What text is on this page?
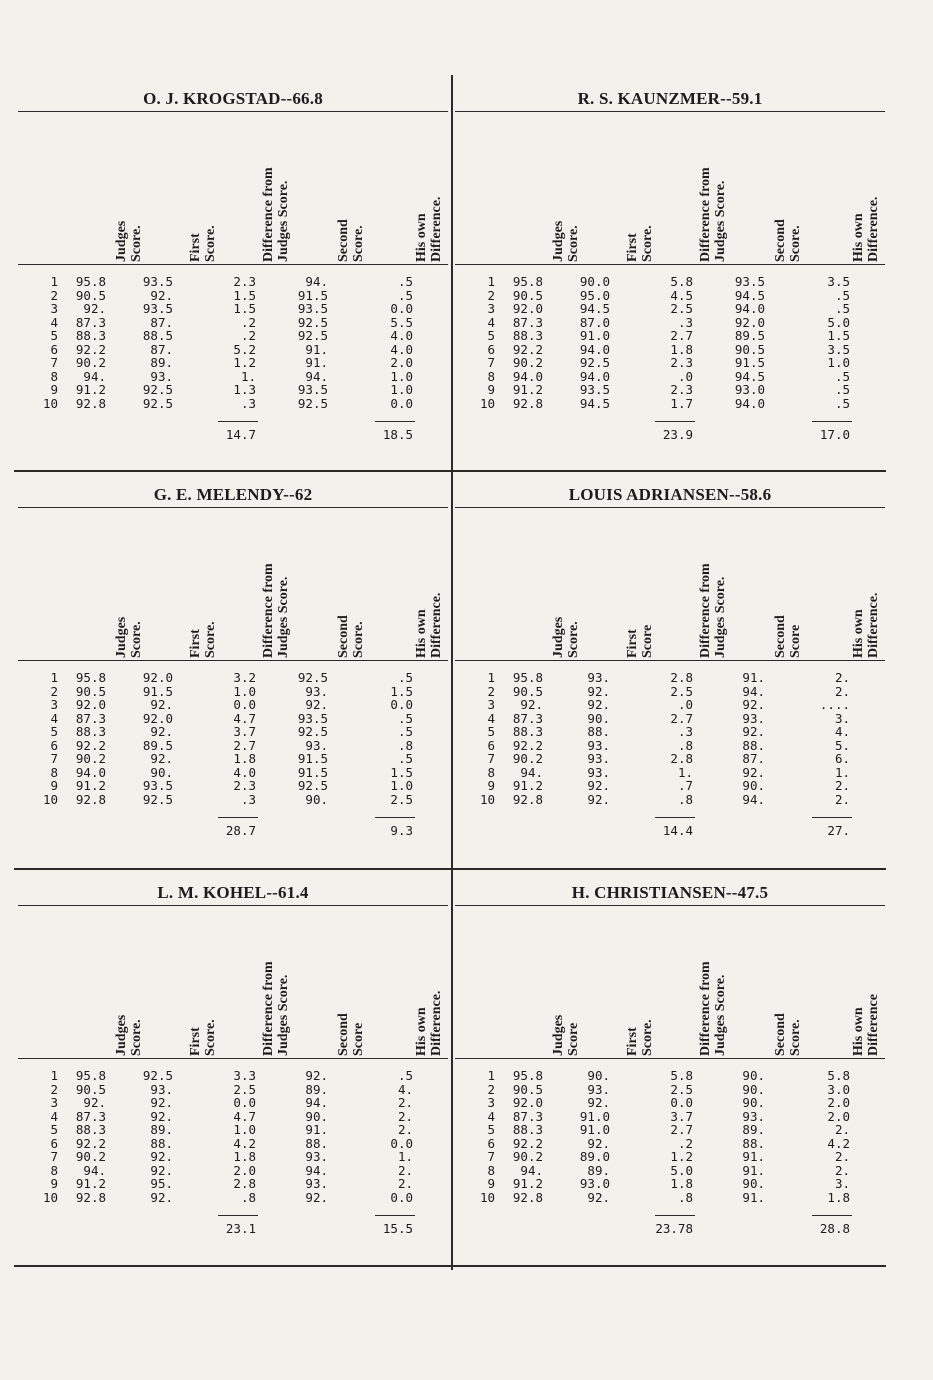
O. J. KROGSTAD--66.8
Judges Score.	First Score.	Difference from Judges Score.	Second Score.	His own Difference.
1 95.8	93.5	2.3	94.	.5
2 90.5	92.	1.5	91.5	.5
3 92.	93.5	1.5	93.5	0.0
4 87.3	87.	.2	92.5	5.5
5 88.3	88.5	.2	92.5	4.0
6 92.2	87.	5.2	91.	4.0
7 90.2	89.	1.2	91.	2.0
8 94.	93.	1.	94.	1.0
9 91.2	92.5	1.3	93.5	1.0
10 92.8	92.5	.3	92.5	0.0
14.7	18.5
R. S. KAUNZMER--59.1
Judges Score.	First Score.	Difference from Judges Score.	Second Score.	His own Difference.
1 95.8	90.0	5.8	93.5	3.5
2 90.5	95.0	4.5	94.5	.5
3 92.0	94.5	2.5	94.0	.5
4 87.3	87.0	.3	92.0	5.0
5 88.3	91.0	2.7	89.5	1.5
6 92.2	94.0	1.8	90.5	3.5
7 90.2	92.5	2.3	91.5	1.0
8 94.0	94.0	.0	94.5	.5
9 91.2	93.5	2.3	93.0	.5
10 92.8	94.5	1.7	94.0	.5
23.9	17.0
G. E. MELENDY--62
Judges Score.	First Score.	Difference from Judges Score.	Second Score.	His own Difference.
1 95.8	92.0	3.2	92.5	.5
2 90.5	91.5	1.0	93.	1.5
3 92.0	92.	0.0	92.	0.0
4 87.3	92.0	4.7	93.5	.5
5 88.3	92.	3.7	92.5	.5
6 92.2	89.5	2.7	93.	.8
7 90.2	92.	1.8	91.5	.5
8 94.0	90.	4.0	91.5	1.5
9 91.2	93.5	2.3	92.5	1.0
10 92.8	92.5	.3	90.	2.5
28.7	9.3
LOUIS ADRIANSEN--58.6
Judges Score.	First Score	Difference from Judges Score.	Second Score	His own Difference.
1 95.8	93.	2.8	91.	2.
2 90.5	92.	2.5	94.	2.
3 92.	92.	.0	92.	....
4 87.3	90.	2.7	93.	3.
5 88.3	88.	.3	92.	4.
6 92.2	93.	.8	88.	5.
7 90.2	93.	2.8	87.	6.
8 94.	93.	1.	92.	1.
9 91.2	92.	.7	90.	2.
10 92.8	92.	.8	94.	2.
14.4	27.
L. M. KOHEL--61.4
Judges Score.	First Score.	Difference from Judges Score.	Second Score	His own Difference.
1 95.8	92.5	3.3	92.	.5
2 90.5	93.	2.5	89.	4.
3 92.	92.	0.0	94.	2.
4 87.3	92.	4.7	90.	2.
5 88.3	89.	1.0	91.	2.
6 92.2	88.	4.2	88.	0.0
7 90.2	92.	1.8	93.	1.
8 94.	92.	2.0	94.	2.
9 91.2	95.	2.8	93.	2.
10 92.8	92.	.8	92.	0.0
23.1	15.5
H. CHRISTIANSEN--47.5
Judges Score	First Score.	Difference from Judges Score.	Second Score.	His own Difference
1 95.8	90.	5.8	90.	5.8
2 90.5	93.	2.5	90.	3.0
3 92.0	92.	0.0	90.	2.0
4 87.3	91.0	3.7	93.	2.0
5 88.3	91.0	2.7	89.	2.
6 92.2	92.	.2	88.	4.2
7 90.2	89.0	1.2	91.	2.
8 94.	89.	5.0	91.	2.
9 91.2	93.0	1.8	90.	3.
10 92.8	92.	.8	91.	1.8
23.78	28.8
